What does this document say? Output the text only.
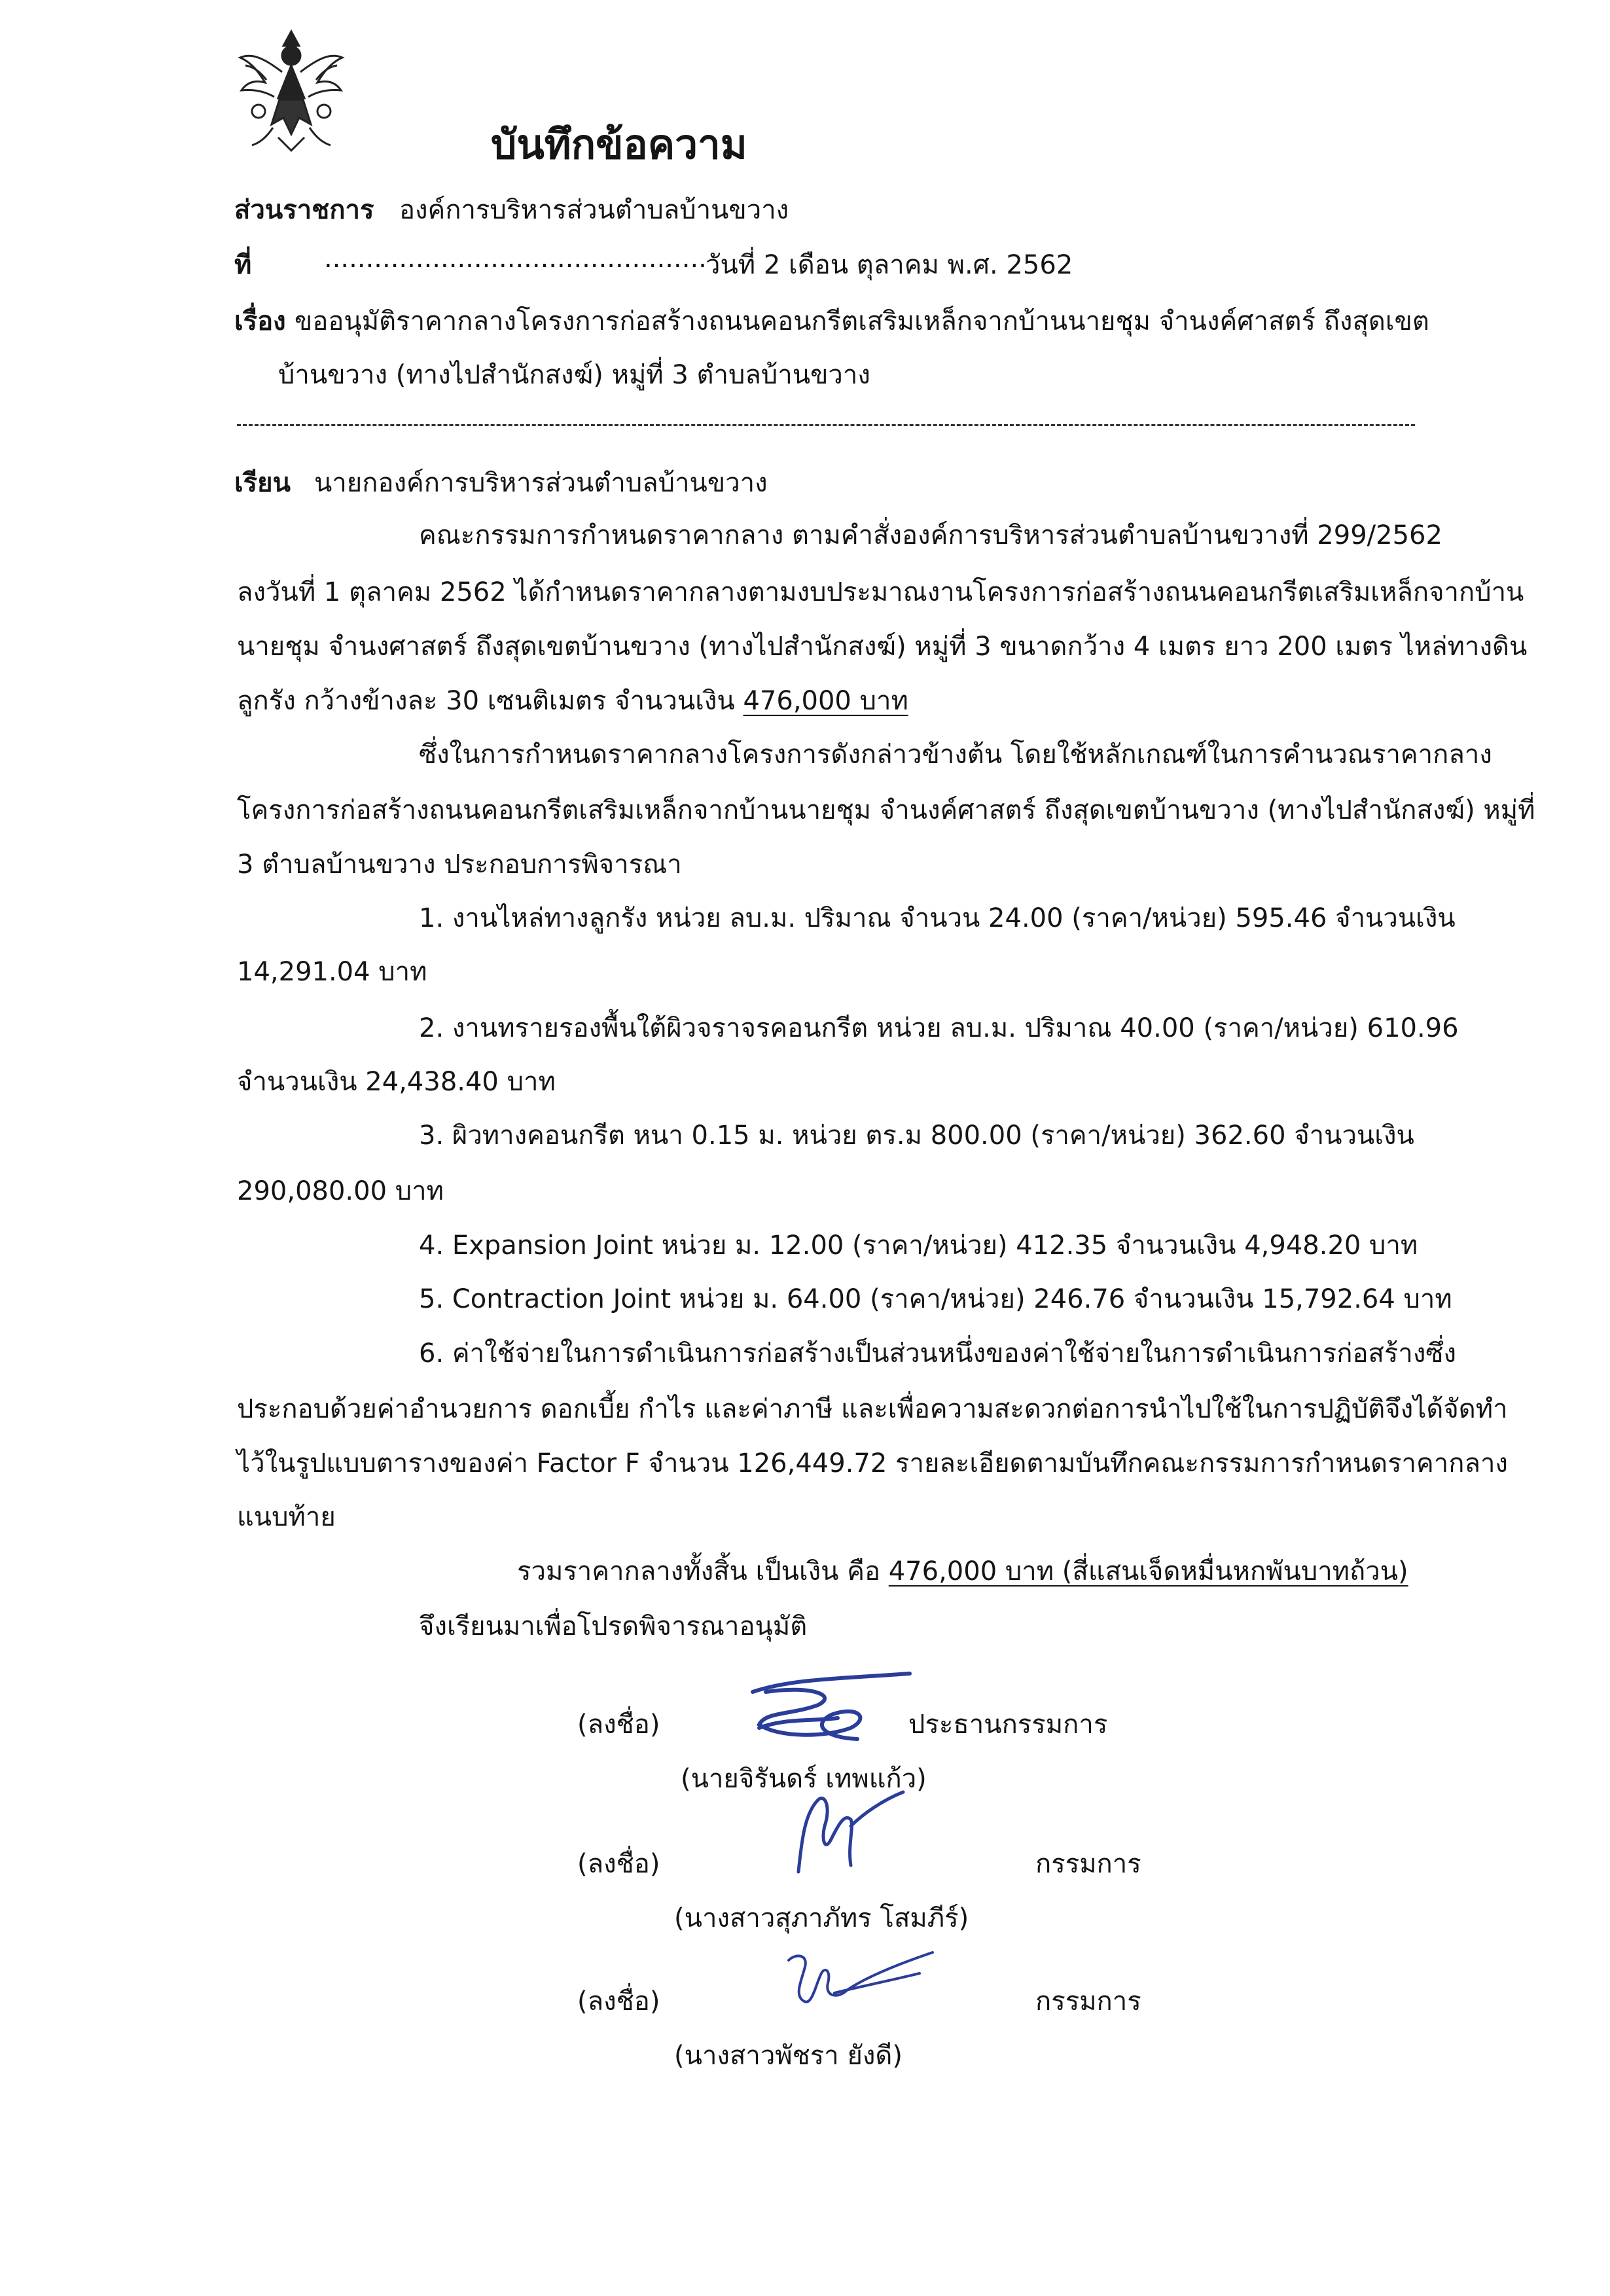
บันทึกข้อความ
ส่วนราชการ องค์การบริหารส่วนตำบลบ้านขวาง
ที่	..............................................
วันที่ 2 เดือน ตุลาคม พ.ศ. 2562
เรื่อง ขออนุมัติราคากลางโครงการก่อสร้างถนนคอนกรีตเสริมเหล็กจากบ้านนายชุม จำนงค์ศาสตร์ ถึงสุดเขต
บ้านขวาง (ทางไปสำนักสงฆ์) หมู่ที่ 3 ตำบลบ้านขวาง
เรียน นายกองค์การบริหารส่วนตำบลบ้านขวาง
คณะกรรมการกำหนดราคากลาง ตามคำสั่งองค์การบริหารส่วนตำบลบ้านขวางที่ 299/2562
ลงวันที่ 1 ตุลาคม 2562 ได้กำหนดราคากลางตามงบประมาณงานโครงการก่อสร้างถนนคอนกรีตเสริมเหล็กจากบ้าน
นายชุม จำนงศาสตร์ ถึงสุดเขตบ้านขวาง (ทางไปสำนักสงฆ์) หมู่ที่ 3 ขนาดกว้าง 4 เมตร ยาว 200 เมตร ไหล่ทางดิน
ลูกรัง กว้างข้างละ 30 เซนติเมตร จำนวนเงิน 476,000 บาท
ซึ่งในการกำหนดราคากลางโครงการดังกล่าวข้างต้น โดยใช้หลักเกณฑ์ในการคำนวณราคากลาง
โครงการก่อสร้างถนนคอนกรีตเสริมเหล็กจากบ้านนายชุม จำนงค์ศาสตร์ ถึงสุดเขตบ้านขวาง (ทางไปสำนักสงฆ์) หมู่ที่
3 ตำบลบ้านขวาง ประกอบการพิจารณา
1. งานไหล่ทางลูกรัง หน่วย ลบ.ม. ปริมาณ จำนวน 24.00 (ราคา/หน่วย) 595.46 จำนวนเงิน
14,291.04 บาท
2. งานทรายรองพื้นใต้ผิวจราจรคอนกรีต หน่วย ลบ.ม. ปริมาณ 40.00 (ราคา/หน่วย) 610.96
จำนวนเงิน 24,438.40 บาท
3. ผิวทางคอนกรีต หนา 0.15 ม. หน่วย ตร.ม 800.00 (ราคา/หน่วย) 362.60 จำนวนเงิน
290,080.00 บาท
4. Expansion Joint หน่วย ม. 12.00 (ราคา/หน่วย) 412.35 จำนวนเงิน 4,948.20 บาท
5. Contraction Joint หน่วย ม. 64.00 (ราคา/หน่วย) 246.76 จำนวนเงิน 15,792.64 บาท
6. ค่าใช้จ่ายในการดำเนินการก่อสร้างเป็นส่วนหนึ่งของค่าใช้จ่ายในการดำเนินการก่อสร้างซึ่ง
ประกอบด้วยค่าอำนวยการ ดอกเบี้ย กำไร และค่าภาษี และเพื่อความสะดวกต่อการนำไปใช้ในการปฏิบัติจึงได้จัดทำ
ไว้ในรูปแบบตารางของค่า Factor F จำนวน 126,449.72 รายละเอียดตามบันทึกคณะกรรมการกำหนดราคากลาง
แนบท้าย
รวมราคากลางทั้งสิ้น เป็นเงิน คือ 476,000 บาท (สี่แสนเจ็ดหมื่นหกพันบาทถ้วน)
จึงเรียนมาเพื่อโปรดพิจารณาอนุมัติ
(ลงชื่อ)	ประธานกรรมการ
(นายจิรันดร์ เทพแก้ว)
(ลงชื่อ)	กรรมการ
(นางสาวสุภาภัทร โสมภีร์)
(ลงชื่อ)	กรรมการ
(นางสาวพัชรา ยังดี)
